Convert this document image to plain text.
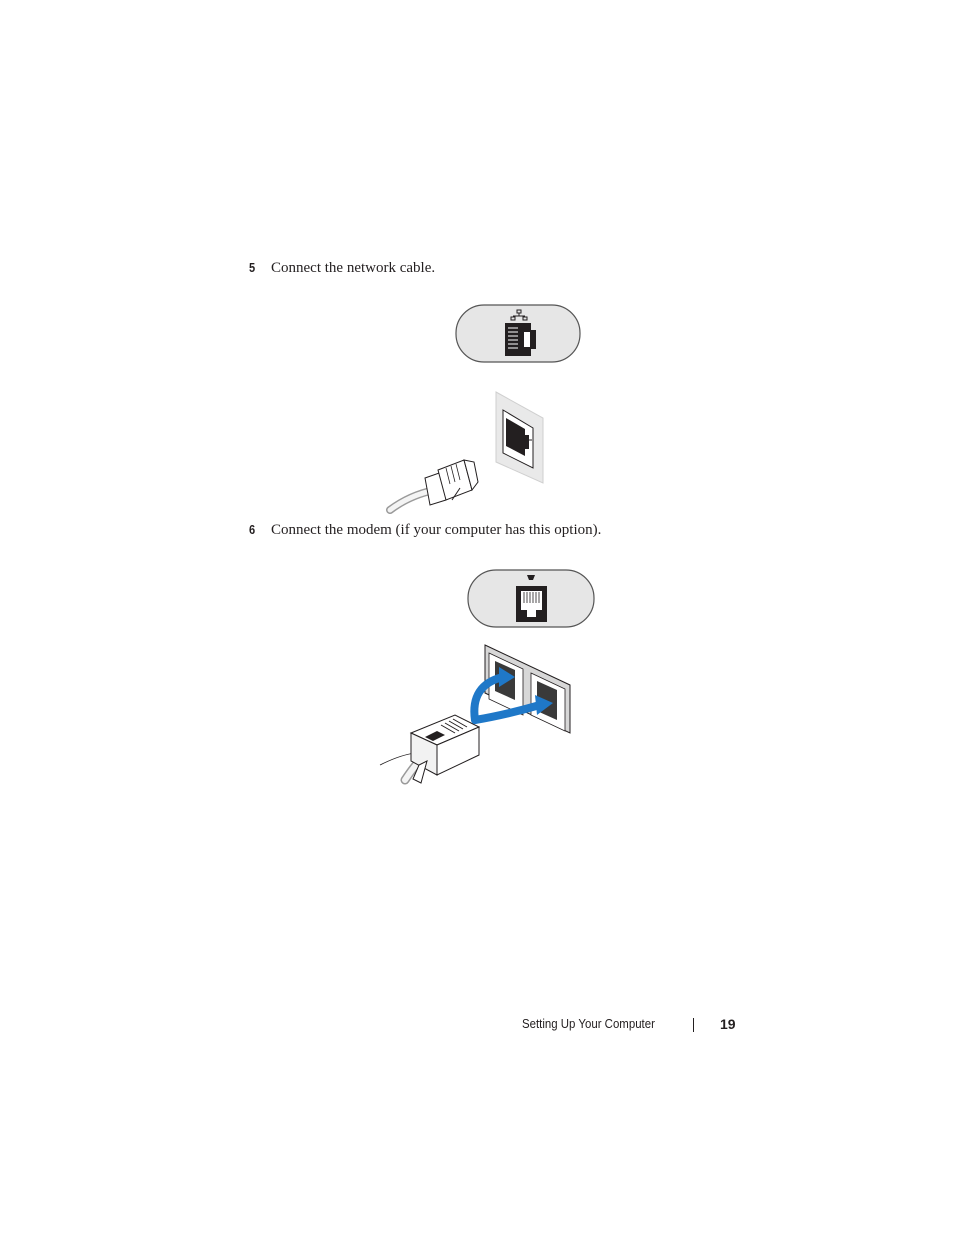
5 Connect the network cable.
6 Connect the modem (if your computer has this option).
Setting Up Your Computer	19
